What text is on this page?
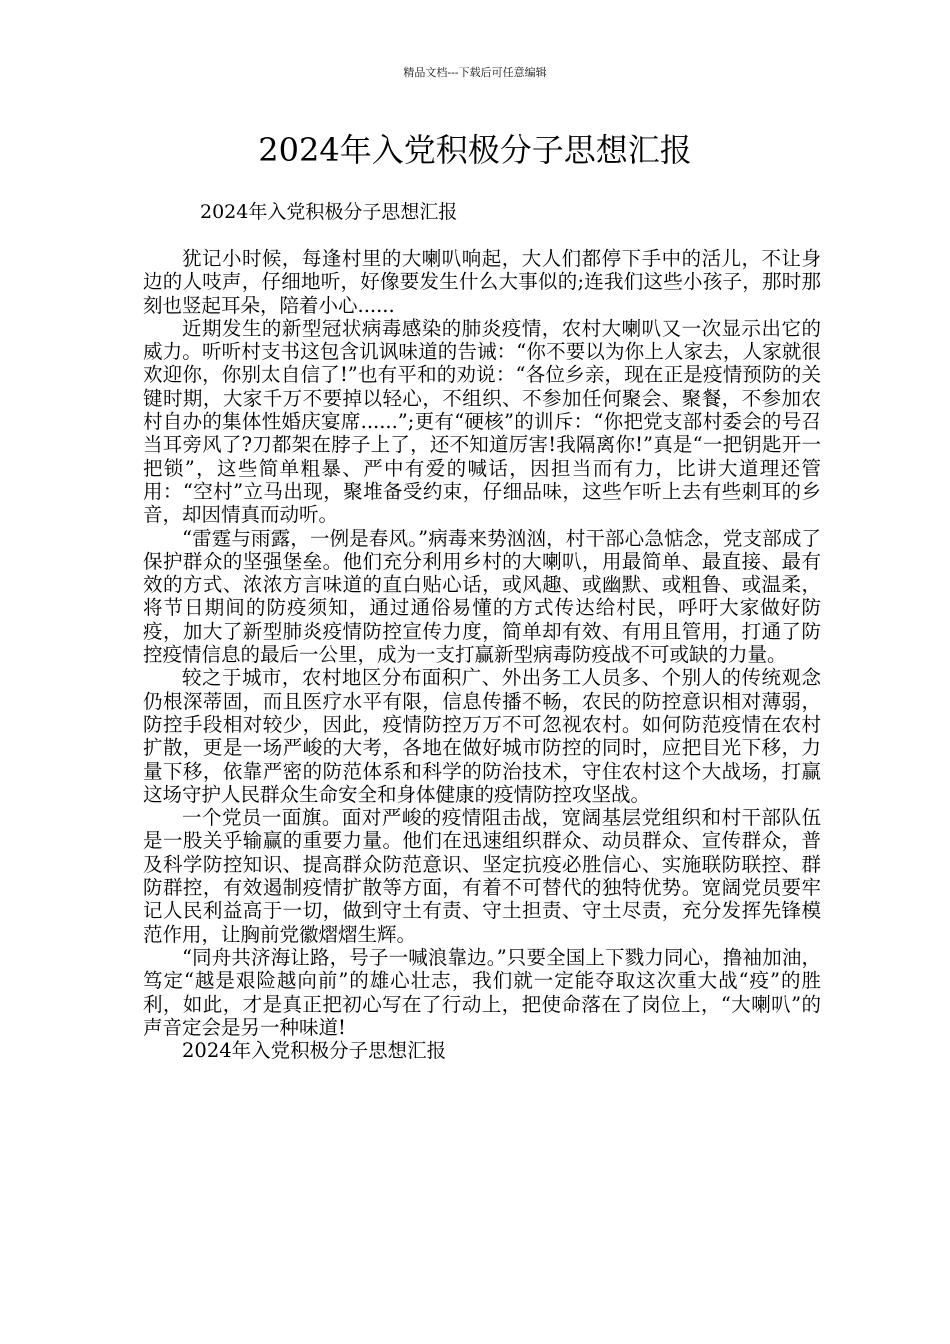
精品文档---下载后可任意编辑
2024年入党积极分子思想汇报

2024年入党积极分子思想汇报

犹记小时候，每逢村里的大喇叭响起，大人们都停下手中的活儿，不让身边的人吱声，仔细地听，好像要发生什么大事似的;连我们这些小孩子，那时那刻也竖起耳朵，陪着小心......

近期发生的新型冠状病毒感染的肺炎疫情，农村大喇叭又一次显示出它的威力。听听村支书这包含讥讽味道的告诫：“你不要以为你上人家去，人家就很欢迎你，你别太自信了!”也有平和的劝说：“各位乡亲，现在正是疫情预防的关键时期，大家千万不要掉以轻心，不组织、不参加任何聚会、聚餐，不参加农村自办的集体性婚庆宴席......”;更有“硬核”的训斥：“你把党支部村委会的号召当耳旁风了?刀都架在脖子上了，还不知道厉害!我隔离你!”真是“一把钥匙开一把锁”，这些简单粗暴、严中有爱的喊话，因担当而有力，比讲大道理还管用：“空村”立马出现，聚堆备受约束，仔细品味，这些乍听上去有些刺耳的乡音，却因情真而动听。

“雷霆与雨露，一例是春风。”病毒来势汹汹，村干部心急惦念，党支部成了保护群众的坚强堡垒。他们充分利用乡村的大喇叭，用最简单、最直接、最有效的方式、浓浓方言味道的直白贴心话，或风趣、或幽默、或粗鲁、或温柔，将节日期间的防疫须知，通过通俗易懂的方式传达给村民，呼吁大家做好防疫，加大了新型肺炎疫情防控宣传力度，简单却有效、有用且管用，打通了防控疫情信息的最后一公里，成为一支打赢新型病毒防疫战不可或缺的力量。

较之于城市，农村地区分布面积广、外出务工人员多、个别人的传统观念仍根深蒂固，而且医疗水平有限，信息传播不畅，农民的防控意识相对薄弱，防控手段相对较少，因此，疫情防控万万不可忽视农村。如何防范疫情在农村扩散，更是一场严峻的大考，各地在做好城市防控的同时，应把目光下移，力量下移，依靠严密的防范体系和科学的防治技术，守住农村这个大战场，打赢这场守护人民群众生命安全和身体健康的疫情防控攻坚战。

一个党员一面旗。面对严峻的疫情阻击战，宽阔基层党组织和村干部队伍是一股关乎输赢的重要力量。他们在迅速组织群众、动员群众、宣传群众，普及科学防控知识、提高群众防范意识、坚定抗疫必胜信心、实施联防联控、群防群控，有效遏制疫情扩散等方面，有着不可替代的独特优势。宽阔党员要牢记人民利益高于一切，做到守土有责、守土担责、守土尽责，充分发挥先锋模范作用，让胸前党徽熠熠生辉。

“同舟共济海让路，号子一喊浪靠边。”只要全国上下戮力同心，撸袖加油，笃定“越是艰险越向前”的雄心壮志，我们就一定能夺取这次重大战“疫”的胜利，如此，才是真正把初心写在了行动上，把使命落在了岗位上，“大喇叭”的声音定会是另一种味道!

2024年入党积极分子思想汇报
